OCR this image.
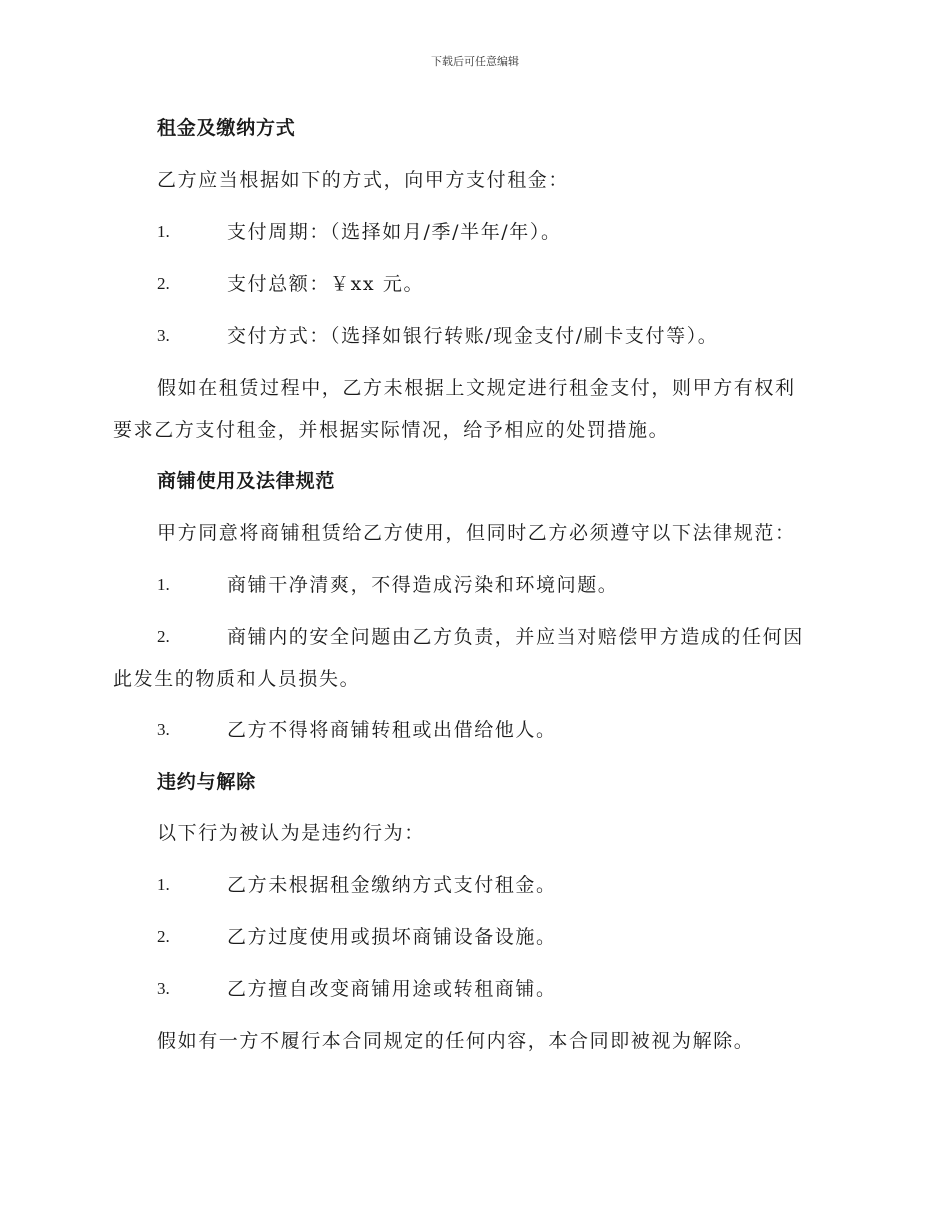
下载后可任意编辑
租金及缴纳方式
乙方应当根据如下的方式，向甲方支付租金：
1.	支付周期：（选择如月/季/半年/年）。
2.	支付总额：￥xx 元。
3.	交付方式：（选择如银行转账/现金支付/刷卡支付等）。
假如在租赁过程中，乙方未根据上文规定进行租金支付，则甲方有权利
要求乙方支付租金，并根据实际情况，给予相应的处罚措施。
商铺使用及法律规范
甲方同意将商铺租赁给乙方使用，但同时乙方必须遵守以下法律规范：
1.	商铺干净清爽，不得造成污染和环境问题。
2.	商铺内的安全问题由乙方负责，并应当对赔偿甲方造成的任何因
此发生的物质和人员损失。
3.	乙方不得将商铺转租或出借给他人。
违约与解除
以下行为被认为是违约行为：
1.	乙方未根据租金缴纳方式支付租金。
2.	乙方过度使用或损坏商铺设备设施。
3.	乙方擅自改变商铺用途或转租商铺。
假如有一方不履行本合同规定的任何内容，本合同即被视为解除。
